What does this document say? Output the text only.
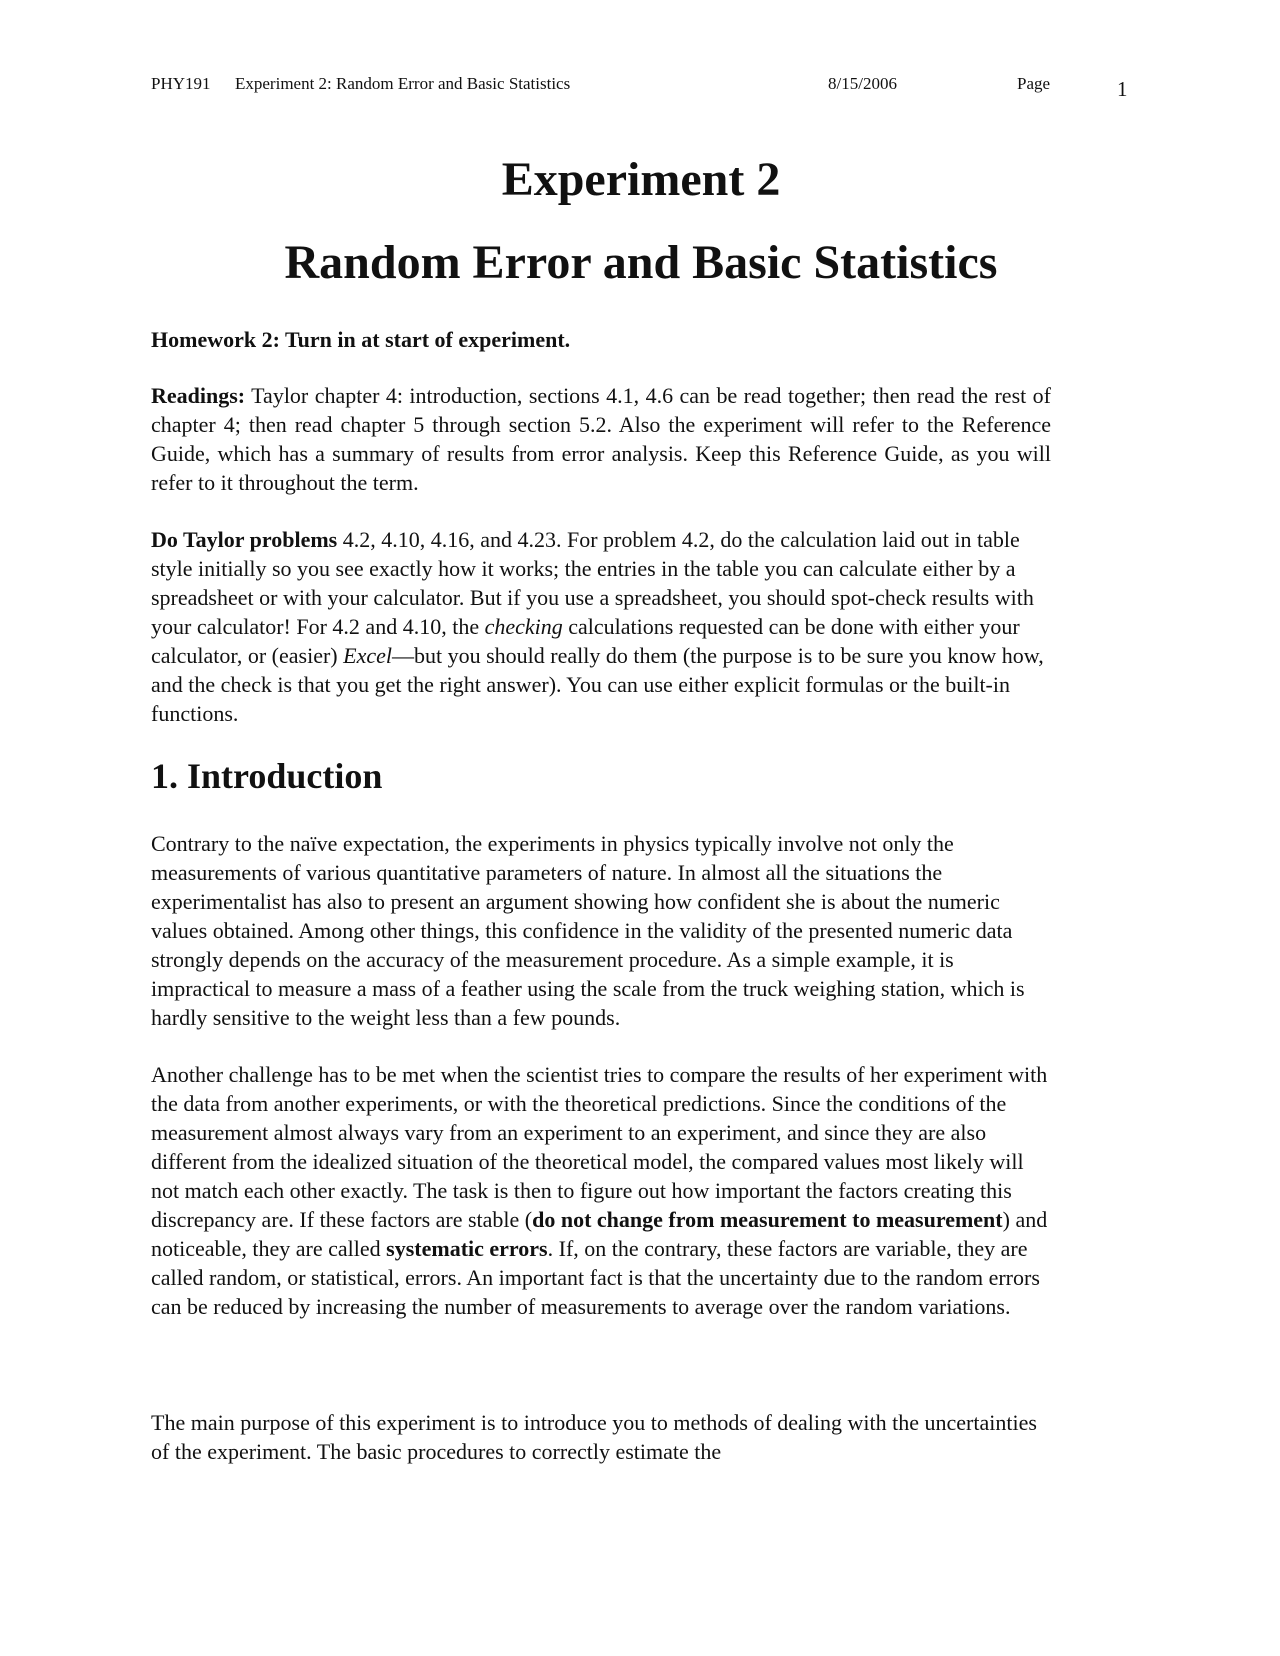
PHY191 Experiment 2: Random Error and Basic Statistics	8/15/2006	Page	1
Experiment 2
Random Error and Basic Statistics

Homework 2: Turn in at start of experiment.

Readings: Taylor chapter 4: introduction, sections 4.1, 4.6 can be read together; then read the rest of chapter 4; then read chapter 5 through section 5.2. Also the experiment will refer to the Reference Guide, which has a summary of results from error analysis. Keep this Reference Guide, as you will refer to it throughout the term.

Do Taylor problems 4.2, 4.10, 4.16, and 4.23. For problem 4.2, do the calculation laid out in table style initially so you see exactly how it works; the entries in the table you can calculate either by a spreadsheet or with your calculator. But if you use a spreadsheet, you should spot-check results with your calculator! For 4.2 and 4.10, the checking calculations requested can be done with either your calculator, or (easier) Excel—but you should really do them (the purpose is to be sure you know how, and the check is that you get the right answer). You can use either explicit formulas or the built-in functions.

1. Introduction

Contrary to the naïve expectation, the experiments in physics typically involve not only the measurements of various quantitative parameters of nature. In almost all the situations the experimentalist has also to present an argument showing how confident she is about the numeric values obtained. Among other things, this confidence in the validity of the presented numeric data strongly depends on the accuracy of the measurement procedure. As a simple example, it is impractical to measure a mass of a feather using the scale from the truck weighing station, which is hardly sensitive to the weight less than a few pounds.

Another challenge has to be met when the scientist tries to compare the results of her experiment with the data from another experiments, or with the theoretical predictions. Since the conditions of the measurement almost always vary from an experiment to an experiment, and since they are also different from the idealized situation of the theoretical model, the compared values most likely will not match each other exactly. The task is then to figure out how important the factors creating this discrepancy are. If these factors are stable (do not change from measurement to measurement) and noticeable, they are called systematic errors. If, on the contrary, these factors are variable, they are called random, or statistical, errors. An important fact is that the uncertainty due to the random errors can be reduced by increasing the number of measurements to average over the random variations.

The main purpose of this experiment is to introduce you to methods of dealing with the uncertainties of the experiment. The basic procedures to correctly estimate the
